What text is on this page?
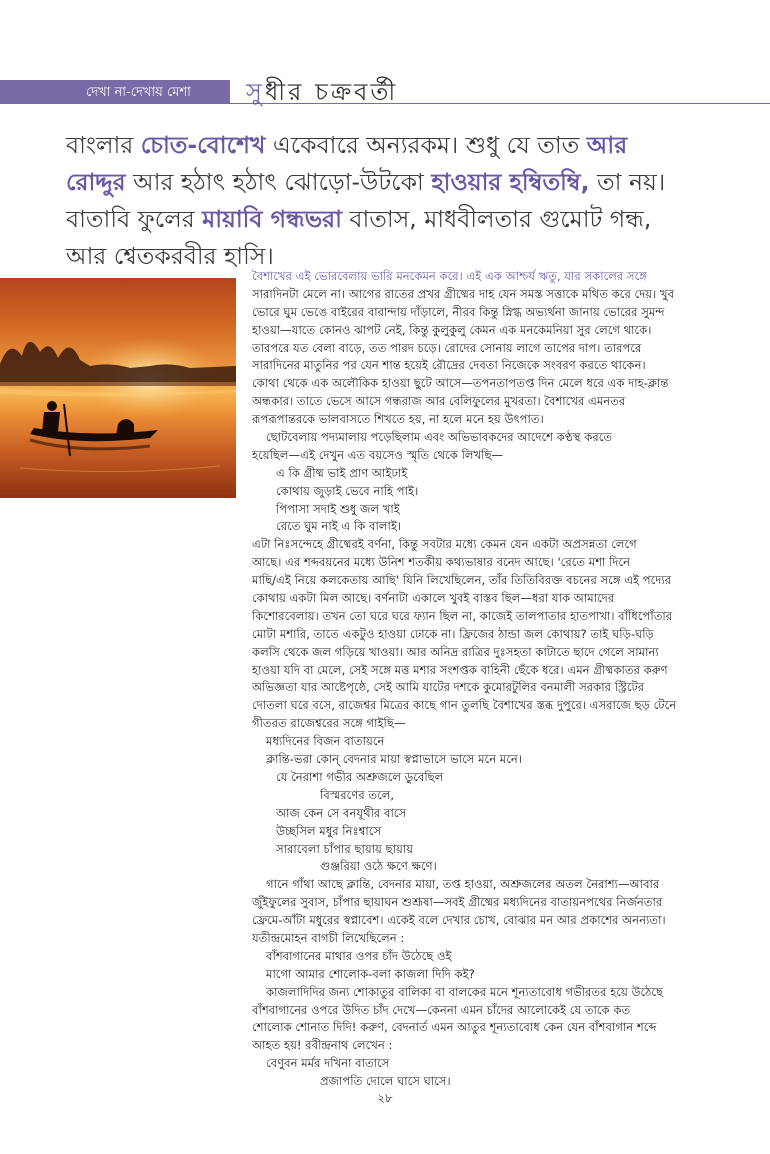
দেখা না-দেখায় মেশা সুধীর চক্রবর্তী

বাংলার চোত-বোশেখ একেবারে অন্যরকম। শুধু যে তাত আর

রোদ্দুর আর হঠাৎ হঠাৎ ঝোড়ো-উটকো হাওয়ার হম্বিতম্বি, তা নয়।

বাতাবি ফুলের মায়াবি গন্ধভরা বাতাস, মাধবীলতার গুমোট গন্ধ,

আর শ্বেতকরবীর হাসি।

বৈশাখের এই ভোরবেলায় ভারি মনকেমন করে। এই এক আশ্চর্য ঋতু, যার সকালের সঙ্গে
সারাদিনটা মেলে না। আগের রাতের প্রখর গ্রীষ্মের দাহ যেন সমস্ত সত্তাকে মথিত করে দেয়। খুব
ভোরে ঘুম ভেঙে বাইরের বারান্দায় দাঁড়ালে, নীরব কিন্তু স্নিগ্ধ অভ্যর্থনা জানায় ভোরের সুমন্দ
হাওয়া—যাতে কোনও ঝাপট নেই, কিন্তু কুলুকুলু কেমন এক মনকেমনিয়া সুর লেগে থাকে।
তারপরে যত বেলা বাড়ে, তত পারদ চড়ে। রোদের সোনায় লাগে তাপের দাপ। তারপরে
সারাদিনের মাতুনির পর যেন শান্ত হয়েই রৌদ্রের দেবতা নিজেকে সংবরণ করতে থাকেন।
কোথা থেকে এক অলৌকিক হাওয়া ছুটে আসে—তপনতাপতপ্ত দিন মেলে ধরে এক দাহ-ক্লান্ত
অন্ধকার। তাতে ভেসে আসে গন্ধরাজ আর বেলিফুলের মুখরতা। বৈশাখের এমনতর
রূপরূপান্তরকে ভালবাসতে শিখতে হয়, না হলে মনে হয় উৎপাত।
ছোটবেলায় পদ্যমালায় পড়েছিলাম এবং অভিভাবকদের আদেশে কণ্ঠস্থ করতে
হয়েছিল—এই দেখুন এত বয়সেও স্মৃতি থেকে লিখছি—
এ কি গ্রীষ্ম ভাই প্রাণ আইঢাই
কোথায় জুড়াই ভেবে নাহি পাই।
পিপাসা সদাই শুধু জল খাই
রেতে ঘুম নাই এ কি বালাই।
এটা নিঃসন্দেহে গ্রীষ্মেরই বর্ণনা, কিন্তু সবটার মধ্যে কেমন যেন একটা অপ্রসন্নতা লেগে
আছে। এর শব্দবয়নের মধ্যে উনিশ শতকীয় কথ্যভাষার বনেদ আছে। 'রেতে মশা দিনে
মাছি/এই নিয়ে কলকেতায় আছি' যিনি লিখেছিলেন, তাঁর তিতিবিরক্ত বচনের সঙ্গে এই পদ্যের
কোথায় একটা মিল আছে। বর্ণনাটা একালে খুবই বাস্তব ছিল—ধরা যাক আমাদের
কিশোরবেলায়। তখন তো ঘরে ঘরে ফ্যান ছিল না, কাজেই তালপাতার হাতপাখা। বাঁধিপোঁতার
মোটা মশারি, তাতে একটুও হাওয়া ঢোকে না। ফ্রিজের ঠান্ডা জল কোথায়? তাই ঘড়ি-ঘড়ি
কলসি থেকে জল গড়িয়ে খাওয়া। আর অনিদ্র রাত্রির দুঃসহতা কাটাতে ছাদে গেলে সামান্য
হাওয়া যদি বা মেলে, সেই সঙ্গে মত্ত মশার সংশপ্তক বাহিনী ছেঁকে ধরে। এমন গ্রীষ্মকাতর করুণ
অভিজ্ঞতা যার আষ্টেপৃষ্ঠে, সেই আমি যাটের দশকে কুমোরটুলির বনমালী সরকার স্ট্রিটের
দোতলা ঘরে বসে, রাজেশ্বর মিত্রের কাছে গান তুলছি বৈশাখের স্তব্ধ দুপুরে। এসরাজে ছড় টেনে
গীতরত রাজেশ্বরের সঙ্গে গাইছি—
মধ্যদিনের বিজন বাতায়নে
ক্লান্তি-ভরা কোন্‌ বেদনার মায়া স্বপ্নাভাসে ভাসে মনে মনে।
যে নৈরাশা গভীর অশ্রুজলে ডুবেছিল
বিস্মরণের তলে,
আজ কেন সে বনযূথীর বাসে
উচ্ছসিল মধুর নিঃশ্বাসে
সারাবেলা চাঁপার ছায়ায় ছায়ায়
গুঞ্জরিয়া ওঠে ক্ষণে ক্ষণে।
গানে গাঁথা আছে ক্লান্তি, বেদনার মায়া, তপ্ত হাওয়া, অশ্রুজলের অতল নৈরাশ্য—আবার
জুঁইফুলের সুবাস, চাঁপার ছায়াঘন শুশ্রূষা—সবই গ্রীষ্মের মধ্যদিনের বাতায়নপথের নির্জনতার
ফ্রেমে-আঁটা মধুরের স্বপ্নাবেশ। একেই বলে দেখার চোখ, বোঝার মন আর প্রকাশের অনন্যতা।
যতীন্দ্রমোহন বাগচী লিখেছিলেন :
বাঁশবাগানের মাথার ওপর চাঁদ উঠেছে ওই
মাগো আমার শোলোক-বলা কাজলা দিদি কই?
কাজলাদিদির জন্য শোকাতুর বালিকা বা বালকের মনে শূন্যতাবোধ গভীরতর হয়ে উঠেছে
বাঁশবাগানের ওপরে উদিত চাঁদ দেখে—কেননা এমন চাঁদের আলোকেই যে তাকে কত
শোলোক শোনাত দিদি! করুণ, বেদনার্ত এমন আতুর শূন্যতাবোধ কেন যেন বাঁশবাগান শব্দে
আহত হয়! রবীন্দ্রনাথ লেখেন :
বেণুবন মর্মর দখিনা বাতাসে
প্রজাপতি দোলে ঘাসে ঘাসে।
২৮
